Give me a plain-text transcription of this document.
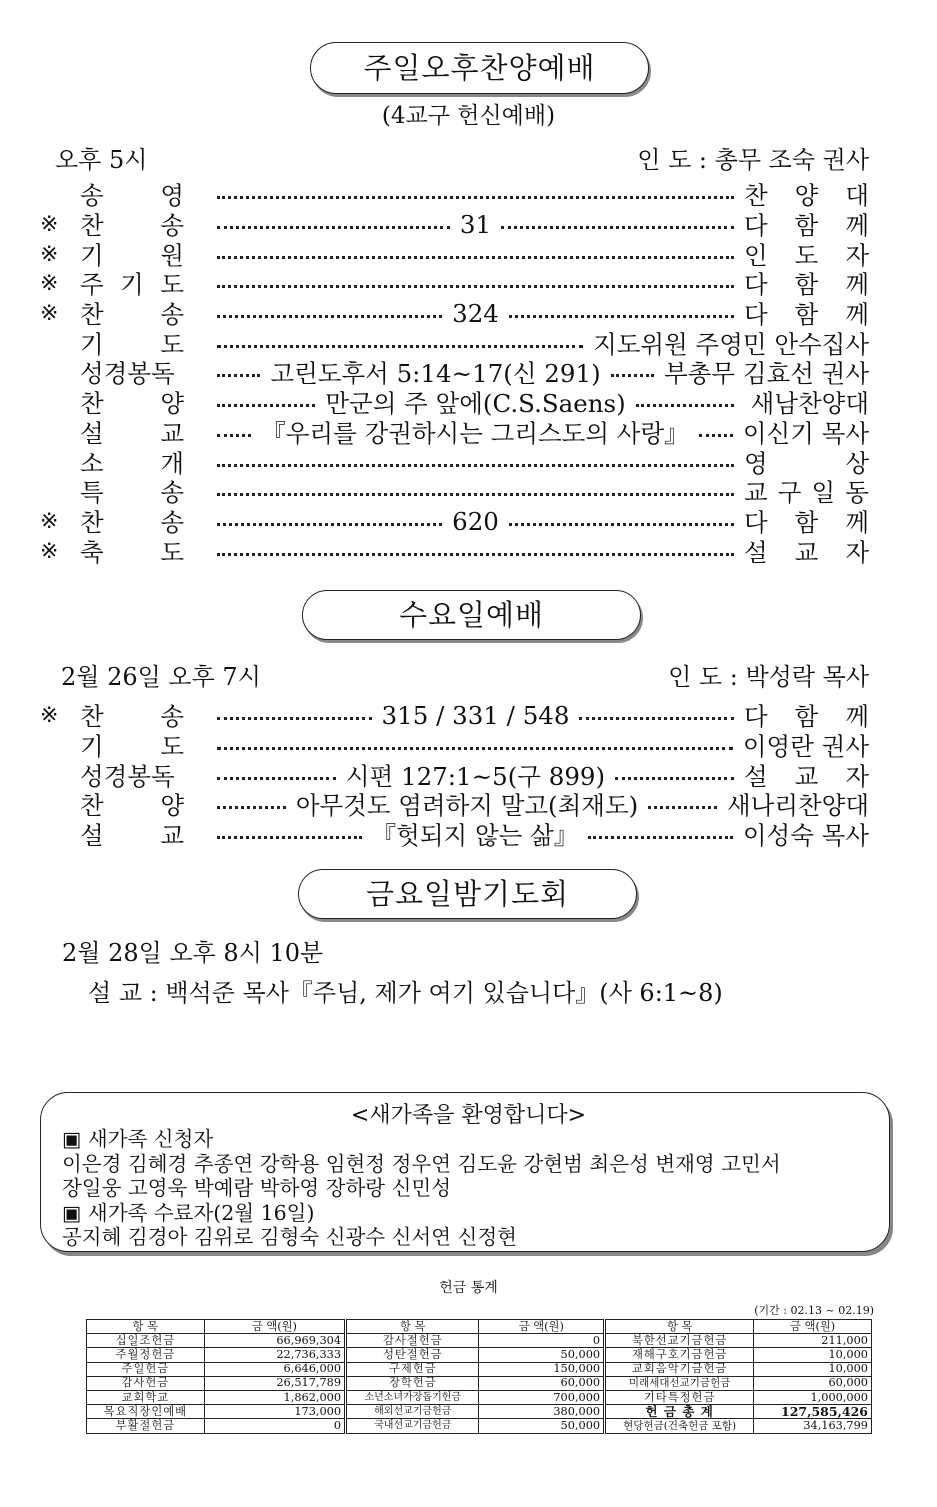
주일오후찬양예배
(4교구 헌신예배)
오후 5시	인 도 : 총무 조숙 권사
송 영	찬 양 대
※ 찬 송	31	다 함 께
※ 기 원	인 도 자
※ 주 기 도	다 함 께
※ 찬 송	324	다 함 께
기 도	지도위원 주영민 안수집사
성경봉독	고린도후서 5:14~17(신 291)	부총무 김효선 권사
찬 양	만군의 주 앞에(C.S.Saens)	새남찬양대
설 교	『우리를 강권하시는 그리스도의 사랑』	이신기 목사
소 개	영	상
특 송	교 구 일 동
※ 찬 송	620	다 함 께
※ 축 도	설 교 자
수요일예배
2월 26일 오후 7시	인 도 : 박성락 목사
※ 찬 송	315 / 331 / 548	다 함 께
기 도	이영란 권사
성경봉독	시편 127:1~5(구 899)	설 교 자
찬 양	아무것도 염려하지 말고(최재도)	새나리찬양대
설 교	『헛되지 않는 삶』	이성숙 목사
금요일밤기도회
2월 28일 오후 8시 10분
설 교 : 백석준 목사『주님, 제가 여기 있습니다』(사 6:1~8)
<새가족을 환영합니다>
▣ 새가족 신청자
이은경 김혜경 추종연 강학용 임현정 정우연 김도윤 강현범 최은성 변재영 고민서
장일웅 고영욱 박예람 박하영 장하랑 신민성
▣ 새가족 수료자(2월 16일)
공지혜 김경아 김위로 김형숙 신광수 신서연 신정현
헌금 통계
(기간 : 02.13 ~ 02.19)
항 목	금 액(원)	항 목	금 액(원)	항 목	금 액(원)
십일조헌금	66,969,304	감사절헌금	0	북한선교기금헌금	211,000
주월정헌금	22,736,333	성탄절헌금	50,000	재해구호기금헌금	10,000
주일헌금	6,646,000	구제헌금	150,000	교회음악기금헌금	10,000
감사헌금	26,517,789	장학헌금	60,000	미래세대선교기금헌금	60,000
교회학교	1,862,000	소년소녀가장돕기헌금	700,000	기타특정헌금	1,000,000
목요직장인예배	173,000	해외선교기금헌금	380,000	헌 금 총 계	127,585,426
부활절헌금	0	국내선교기금헌금	50,000	현당헌금(건축헌금 포함)	34,163,799
